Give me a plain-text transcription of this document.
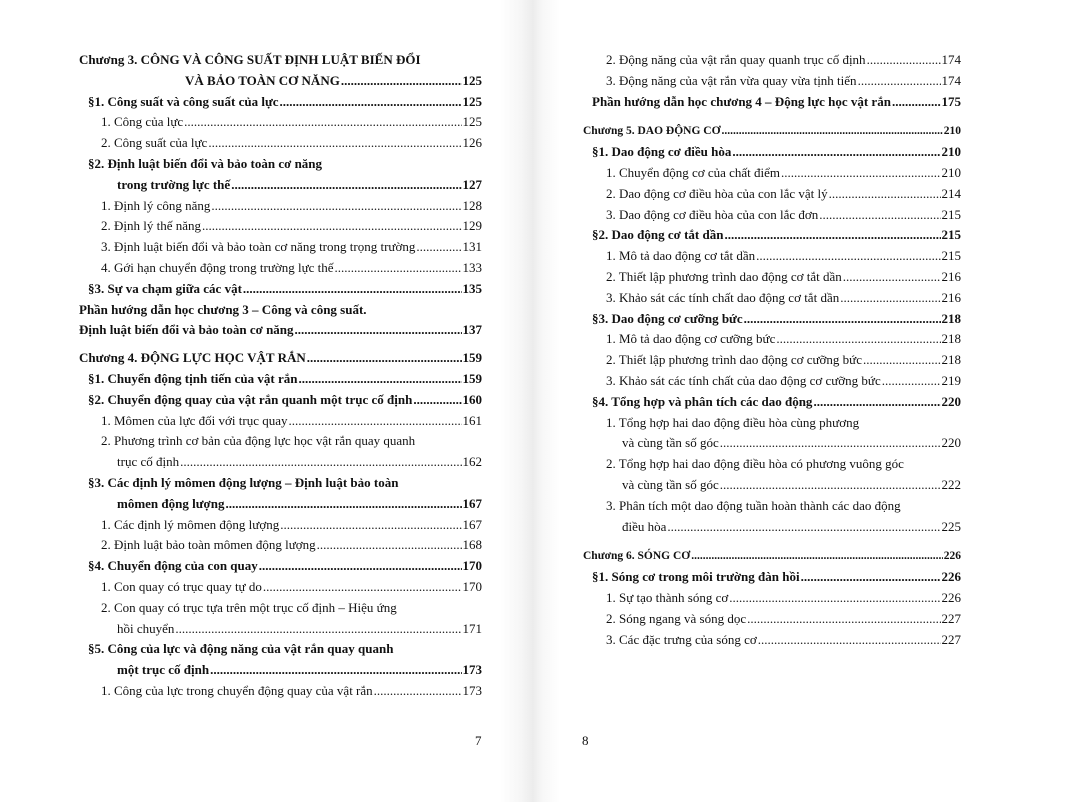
Chương 3. CÔNG VÀ CÔNG SUẤT ĐỊNH LUẬT BIẾN ĐỔI
VÀ BẢO TOÀN CƠ NĂNG .....	125
§1. Công suất và công suất của lực .....	125
1. Công của lực .....	125
2. Công suất của lực .....	126
§2. Định luật biến đổi và bảo toàn cơ năng
trong trường lực thế .....	127
1. Định lý công năng .....	128
2. Định lý thế năng .....	129
3. Định luật biến đổi và bảo toàn cơ năng trong trọng trường .....	131
4. Gới hạn chuyển động trong trường lực thế .....	133
§3. Sự va chạm giữa các vật .....	135
Phần hướng dẫn học chương 3 – Công và công suất.
Định luật biến đổi và bảo toàn cơ năng .....	137
Chương 4. ĐỘNG LỰC HỌC VẬT RẮN .....	159
§1. Chuyển động tịnh tiến của vật rắn .....	159
§2. Chuyển động quay của vật rắn quanh một trục cố định .....	160
1. Mômen của lực đối với trục quay .....	161
2. Phương trình cơ bản của động lực học vật rắn quay quanh
trục cố định .....	162
§3. Các định lý mômen động lượng – Định luật bảo toàn
mômen động lượng .....	167
1. Các định lý mômen động lượng .....	167
2. Định luật bảo toàn mômen động lượng .....	168
§4. Chuyển động của con quay .....	170
1. Con quay có trục quay tự do .....	170
2. Con quay có trục tựa trên một trục cố định – Hiệu ứng
hồi chuyển .....	171
§5. Công của lực và động năng của vật rắn quay quanh
một trục cố định .....	173
1. Công của lực trong chuyển động quay của vật rắn .....	173
2. Động năng của vật rắn quay quanh trục cố định .....	174
3. Động năng của vật rắn vừa quay vừa tịnh tiến .....	174
Phần hướng dẫn học chương 4 – Động lực học vật rắn .....	175
Chương 5. DAO ĐỘNG CƠ .....	210
§1. Dao động cơ điều hòa .....	210
1. Chuyển động cơ của chất điểm .....	210
2. Dao động cơ điều hòa của con lắc vật lý .....	214
3. Dao động cơ điều hòa của con lắc đơn .....	215
§2. Dao động cơ tắt dần .....	215
1. Mô tả dao động cơ tắt dần .....	215
2. Thiết lập phương trình dao động cơ tắt dần .....	216
3. Khảo sát các tính chất dao động cơ tắt dần .....	216
§3. Dao động cơ cưỡng bức .....	218
1. Mô tả dao động cơ cưỡng bức .....	218
2. Thiết lập phương trình dao động cơ cưỡng bức .....	218
3. Khảo sát các tính chất của dao động cơ cưỡng bức .....	219
§4. Tổng hợp và phân tích các dao động .....	220
1. Tổng hợp hai dao động điều hòa cùng phương
và cùng tần số góc .....	220
2. Tổng hợp hai dao động điều hòa có phương vuông góc
và cùng tần số góc .....	222
3. Phân tích một dao động tuần hoàn thành các dao động
điều hòa .....	225
Chương 6. SÓNG CƠ .....	226
§1. Sóng cơ trong môi trường đàn hồi .....	226
1. Sự tạo thành sóng cơ .....	226
2. Sóng ngang và sóng dọc .....	227
3. Các đặc trưng của sóng cơ .....	227
7	8
